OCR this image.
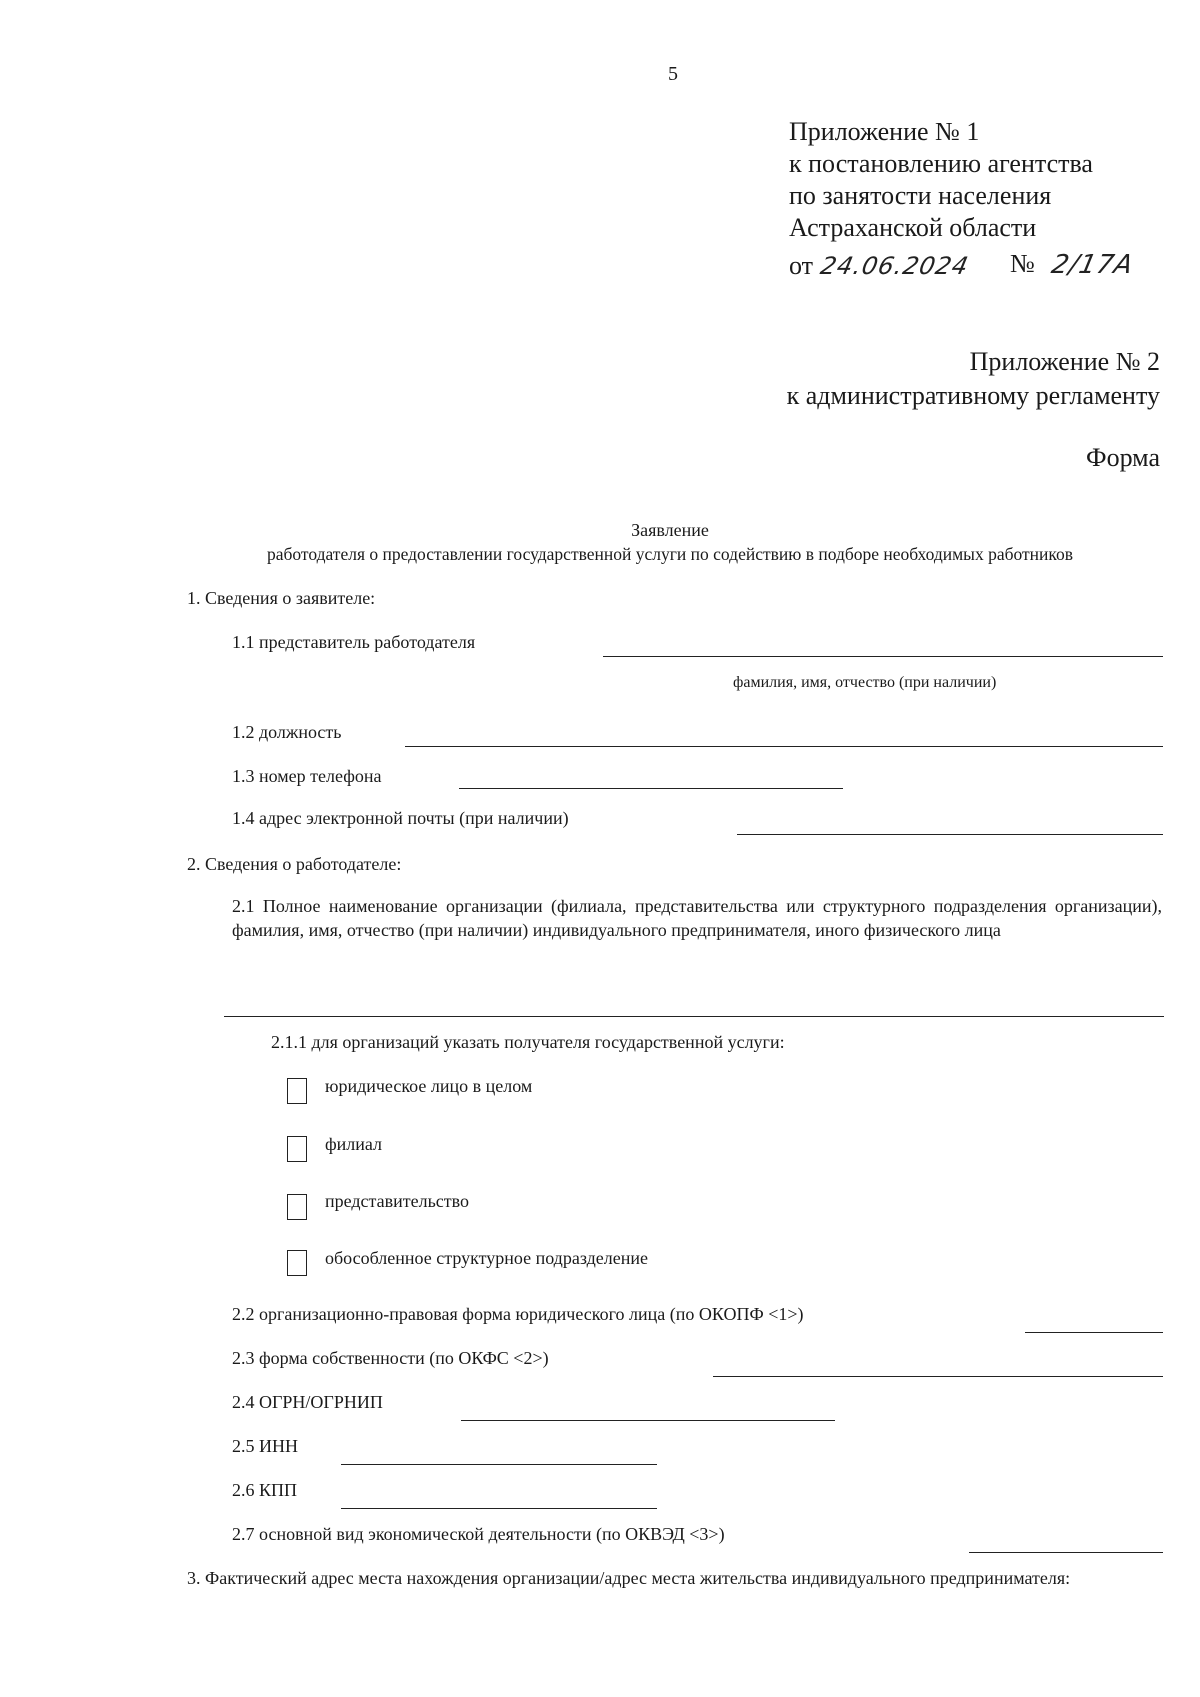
5
Приложение № 1
к постановлению агентства
по занятости населения
Астраханской области
от 24.06.2024 № 2/17А
Приложение № 2
к административному регламенту
Форма
Заявление
работодателя о предоставлении государственной услуги по содействию в подборе необходимых работников
1. Сведения о заявителе:
1.1 представитель работодателя
фамилия, имя, отчество (при наличии)
1.2 должность
1.3 номер телефона
1.4 адрес электронной почты (при наличии)
2. Сведения о работодателе:
2.1 Полное наименование организации (филиала, представительства или структурного подразделения организации), фамилия, имя, отчество (при наличии) индивидуального предпринимателя, иного физического лица
2.1.1 для организаций указать получателя государственной услуги:
юридическое лицо в целом
филиал
представительство
обособленное структурное подразделение
2.2 организационно-правовая форма юридического лица (по ОКОПФ <1>)
2.3 форма собственности (по ОКФС <2>)
2.4 ОГРН/ОГРНИП
2.5 ИНН
2.6 КПП
2.7 основной вид экономической деятельности (по ОКВЭД <3>)
3. Фактический адрес места нахождения организации/адрес места жительства индивидуального предпринимателя:
